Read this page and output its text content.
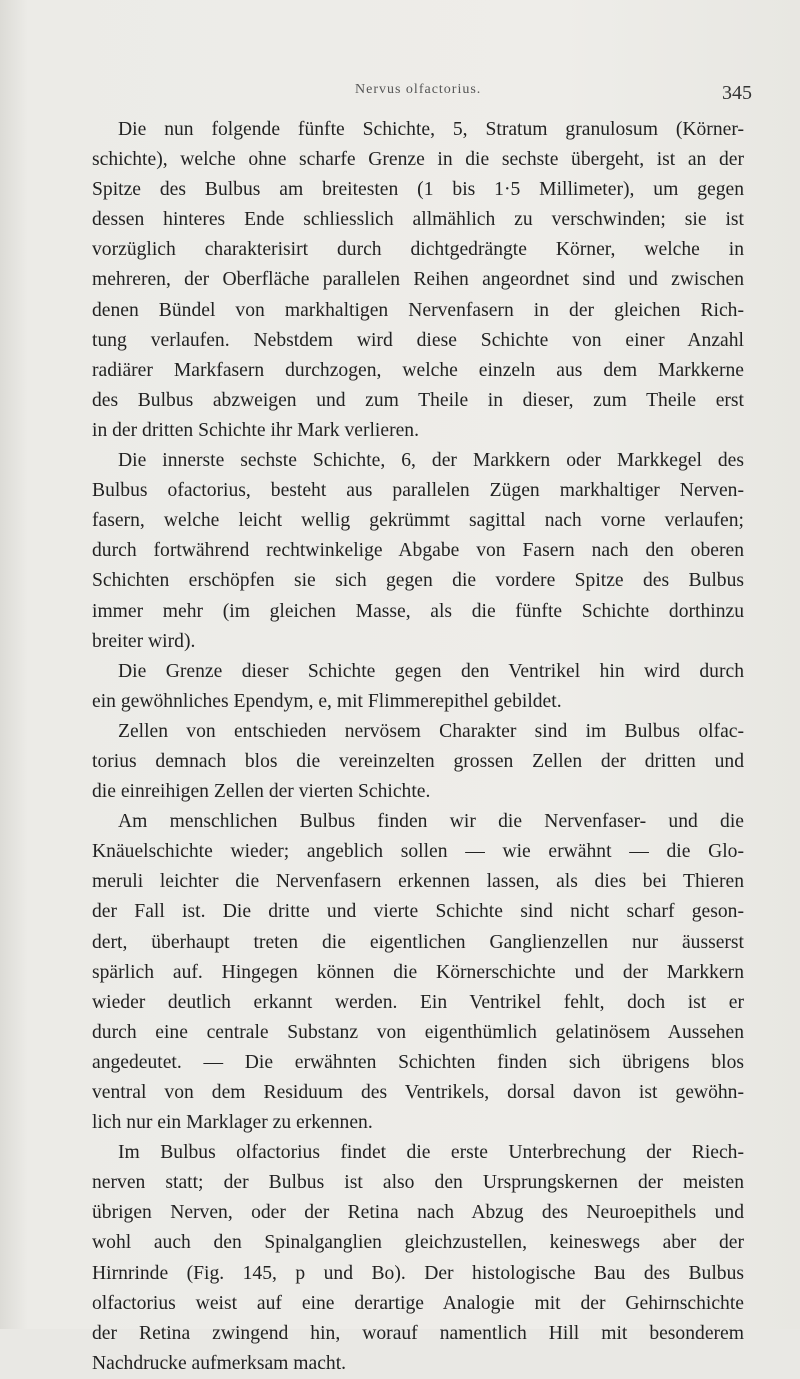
Nervus olfactorius.	345
Die nun folgende fünfte Schichte, 5, Stratum granulosum (Körner-
schichte), welche ohne scharfe Grenze in die sechste übergeht, ist an der
Spitze des Bulbus am breitesten (1 bis 1·5 Millimeter), um gegen
dessen hinteres Ende schliesslich allmählich zu verschwinden; sie ist
vorzüglich charakterisirt durch dichtgedrängte Körner, welche in
mehreren, der Oberfläche parallelen Reihen angeordnet sind und zwischen
denen Bündel von markhaltigen Nervenfasern in der gleichen Rich-
tung verlaufen. Nebstdem wird diese Schichte von einer Anzahl
radiärer Markfasern durchzogen, welche einzeln aus dem Markkerne
des Bulbus abzweigen und zum Theile in dieser, zum Theile erst
in der dritten Schichte ihr Mark verlieren.
Die innerste sechste Schichte, 6, der Markkern oder Markkegel des
Bulbus ofactorius, besteht aus parallelen Zügen markhaltiger Nerven-
fasern, welche leicht wellig gekrümmt sagittal nach vorne verlaufen;
durch fortwährend rechtwinkelige Abgabe von Fasern nach den oberen
Schichten erschöpfen sie sich gegen die vordere Spitze des Bulbus
immer mehr (im gleichen Masse, als die fünfte Schichte dorthinzu
breiter wird).
Die Grenze dieser Schichte gegen den Ventrikel hin wird durch
ein gewöhnliches Ependym, e, mit Flimmerepithel gebildet.
Zellen von entschieden nervösem Charakter sind im Bulbus olfac-
torius demnach blos die vereinzelten grossen Zellen der dritten und
die einreihigen Zellen der vierten Schichte.
Am menschlichen Bulbus finden wir die Nervenfaser- und die
Knäuelschichte wieder; angeblich sollen — wie erwähnt — die Glo-
meruli leichter die Nervenfasern erkennen lassen, als dies bei Thieren
der Fall ist. Die dritte und vierte Schichte sind nicht scharf geson-
dert, überhaupt treten die eigentlichen Ganglienzellen nur äusserst
spärlich auf. Hingegen können die Körnerschichte und der Markkern
wieder deutlich erkannt werden. Ein Ventrikel fehlt, doch ist er
durch eine centrale Substanz von eigenthümlich gelatinösem Aussehen
angedeutet. — Die erwähnten Schichten finden sich übrigens blos
ventral von dem Residuum des Ventrikels, dorsal davon ist gewöhn-
lich nur ein Marklager zu erkennen.
Im Bulbus olfactorius findet die erste Unterbrechung der Riech-
nerven statt; der Bulbus ist also den Ursprungskernen der meisten
übrigen Nerven, oder der Retina nach Abzug des Neuroepithels und
wohl auch den Spinalganglien gleichzustellen, keineswegs aber der
Hirnrinde (Fig. 145, p und Bo). Der histologische Bau des Bulbus
olfactorius weist auf eine derartige Analogie mit der Gehirnschichte
der Retina zwingend hin, worauf namentlich Hill mit besonderem
Nachdrucke aufmerksam macht.
